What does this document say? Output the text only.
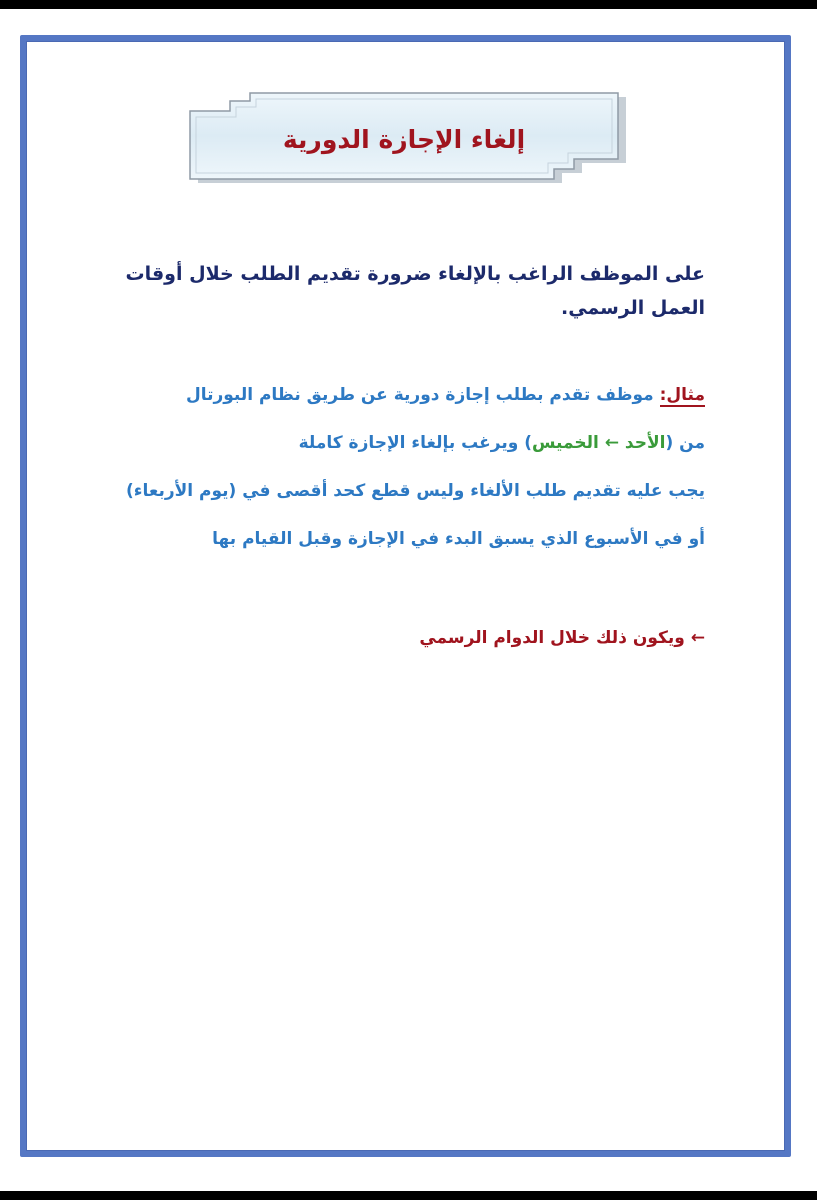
إلغاء الإجازة الدورية
على الموظف الراغب بالإلغاء ضرورة تقديم الطلب خلال أوقات العمل الرسمي.
مثال: موظف تقدم بطلب إجازة دورية عن طريق نظام البورتال
من (الأحد ← الخميس) ويرغب بإلغاء الإجازة كاملة
يجب عليه تقديم طلب الألغاء وليس قطع كحد أقصى في (يوم الأربعاء)
أو في الأسبوع الذي يسبق البدء في الإجازة وقبل القيام بها
← ويكون ذلك خلال الدوام الرسمي
